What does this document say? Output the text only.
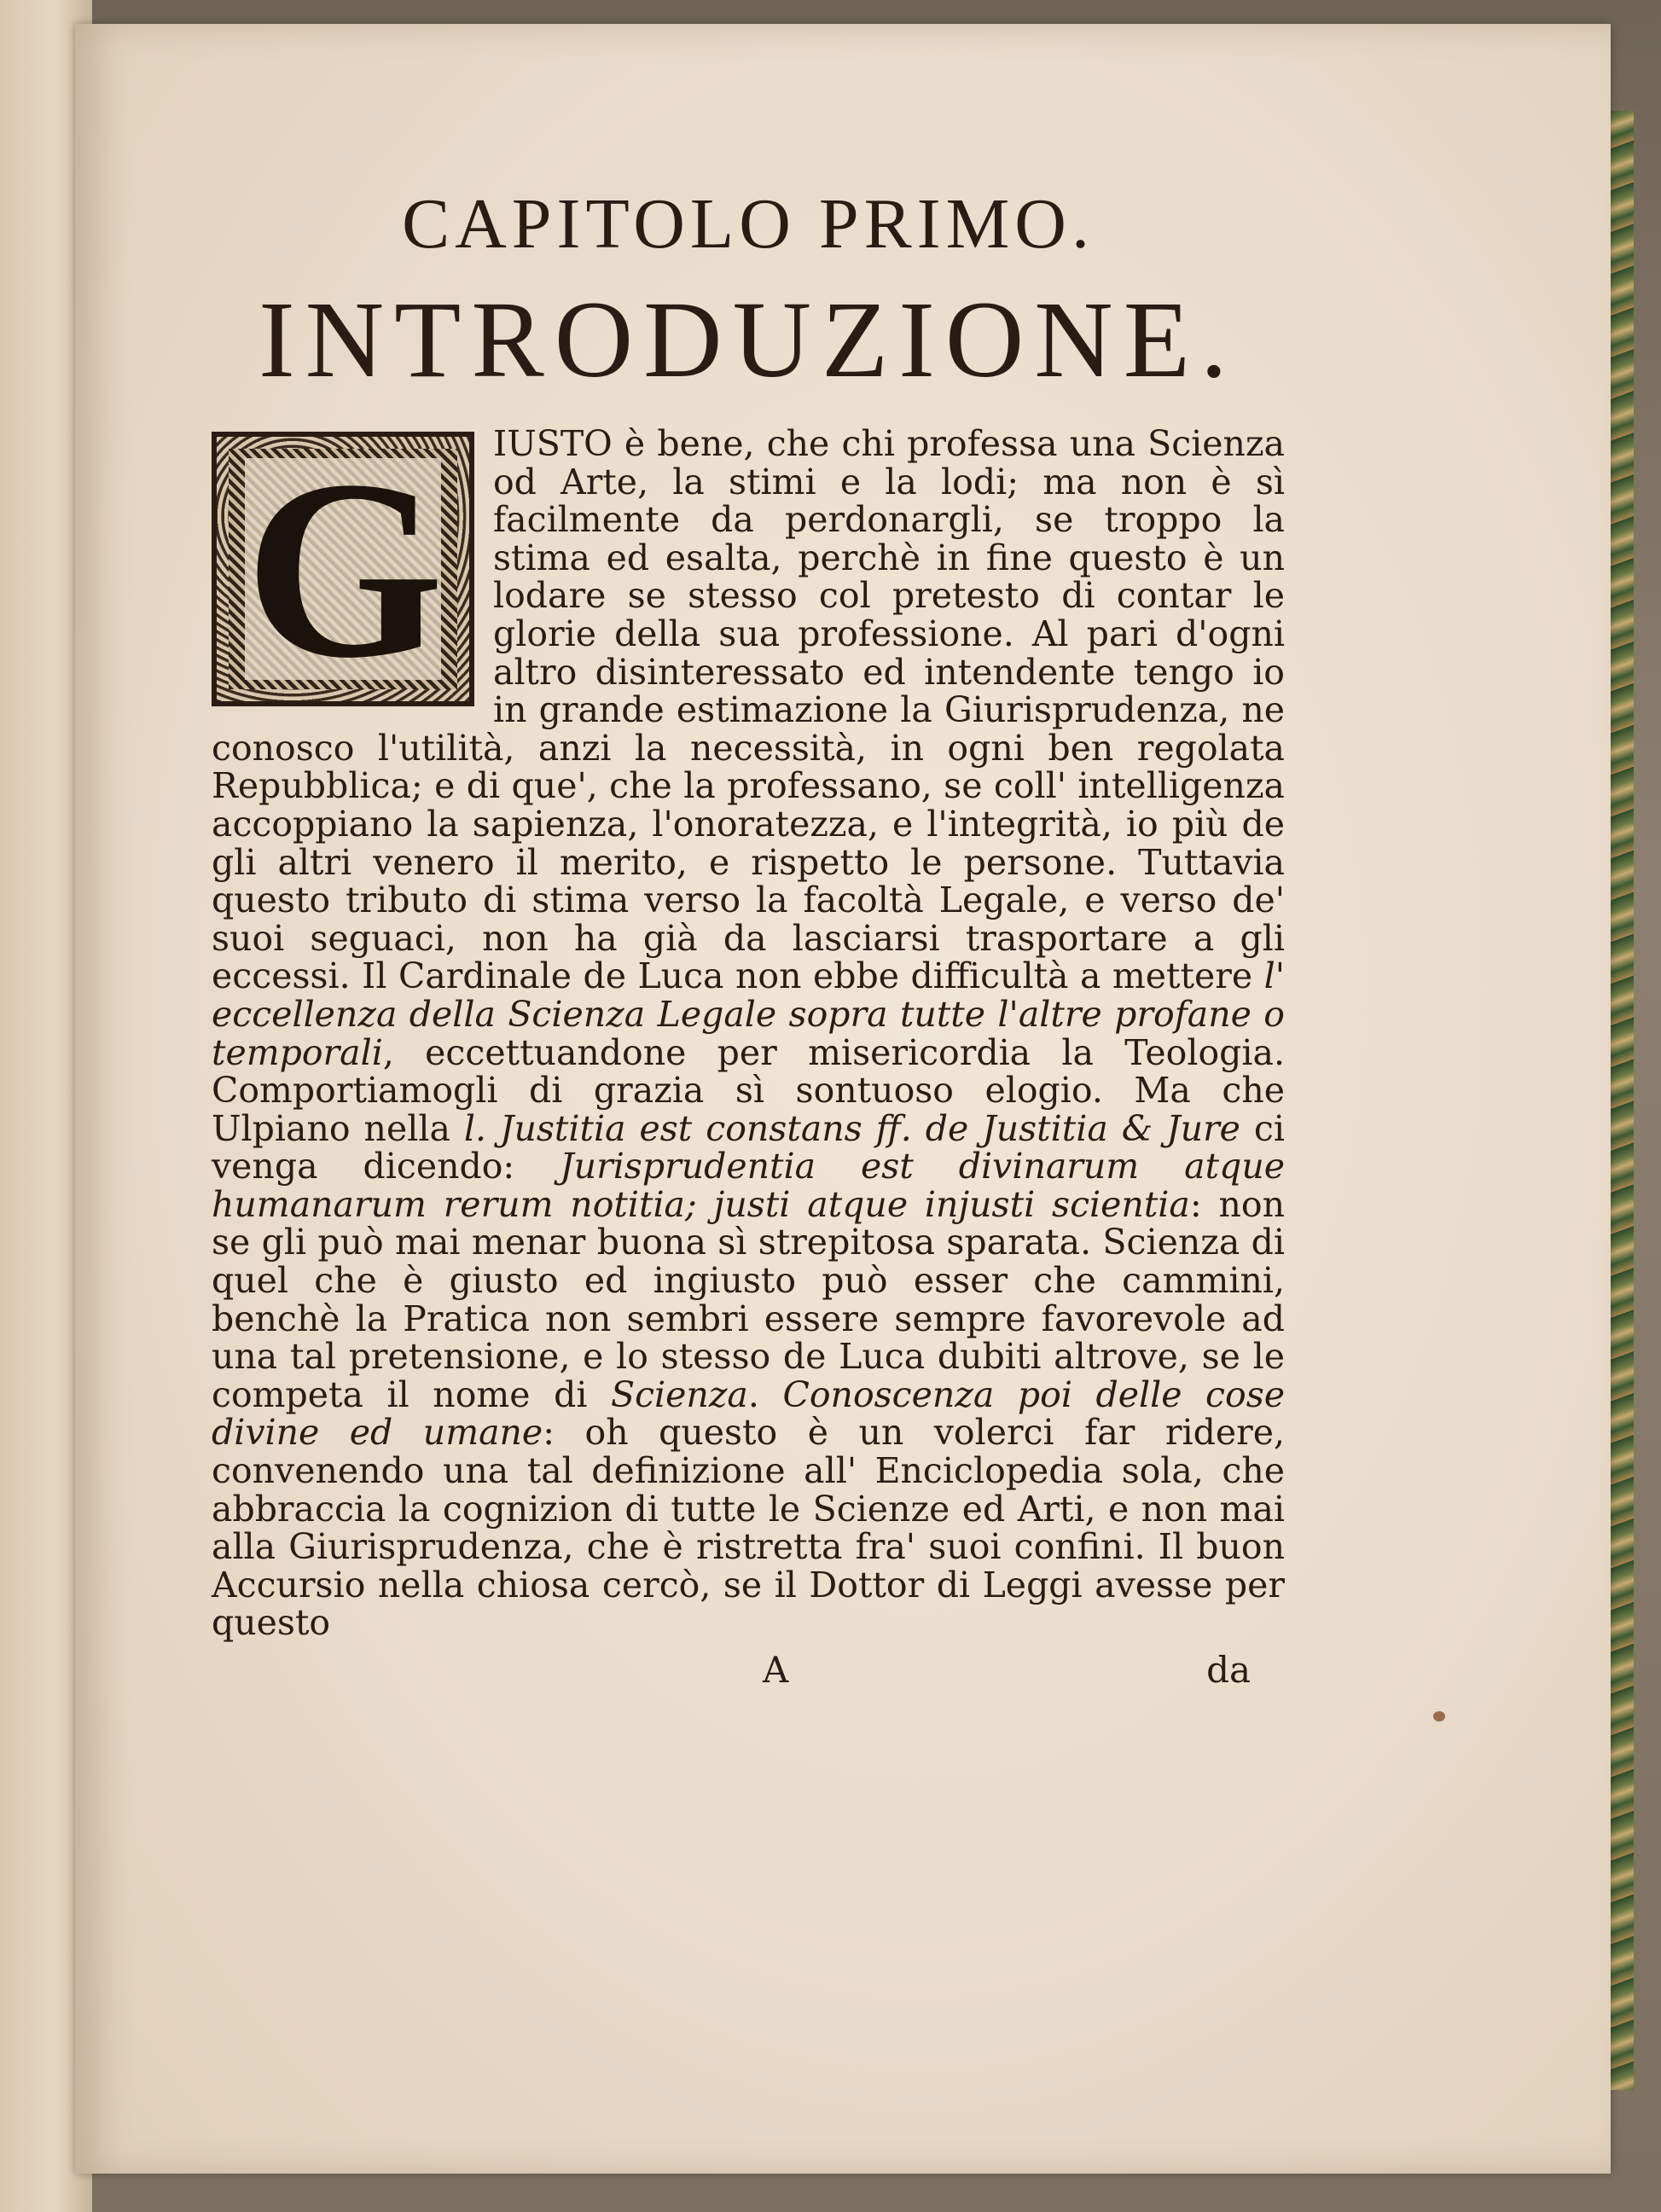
CAPITOLO PRIMO.
INTRODUZIONE.
G	IUSTO è bene, che chi professa una Scienza od Arte, la stimi e la lodi; ma non è sì facilmente da perdonargli, se troppo la stima ed esalta, perchè in fine questo è un lodare se stesso col pretesto di contar le glorie della sua professione. Al pari d'ogni altro disinteressato ed intendente tengo io in grande estimazione la Giurisprudenza, ne conosco l'utilità, anzi la necessità, in ogni ben regolata Repubblica; e di que', che la professano, se coll' intelligenza accoppiano la sapienza, l'onoratezza, e l'integrità, io più de gli altri venero il merito, e rispetto le persone. Tuttavia questo tributo di stima verso la facoltà Legale, e verso de' suoi seguaci, non ha già da lasciarsi trasportare a gli eccessi. Il Cardinale de Luca non ebbe difficultà a mettere l' eccellenza della Scienza Legale sopra tutte l'altre profane o temporali, eccettuandone per misericordia la Teologia. Comportiamogli di grazia sì sontuoso elogio. Ma che Ulpiano nella l. Justitia est constans ff. de Justitia & Jure ci venga dicendo: Jurisprudentia est divinarum atque humanarum rerum notitia; justi atque injusti scientia: non se gli può mai menar buona sì strepitosa sparata. Scienza di quel che è giusto ed ingiusto può esser che cammini, benchè la Pratica non sembri essere sempre favorevole ad una tal pretensione, e lo stesso de Luca dubiti altrove, se le competa il nome di Scienza. Conoscenza poi delle cose divine ed umane: oh questo è un volerci far ridere, convenendo una tal definizione all' Enciclopedia sola, che abbraccia la cognizion di tutte le Scienze ed Arti, e non mai alla Giurisprudenza, che è ristretta fra' suoi confini. Il buon Accursio nella chiosa cercò, se il Dottor di Leggi avesse per questo

A	da
